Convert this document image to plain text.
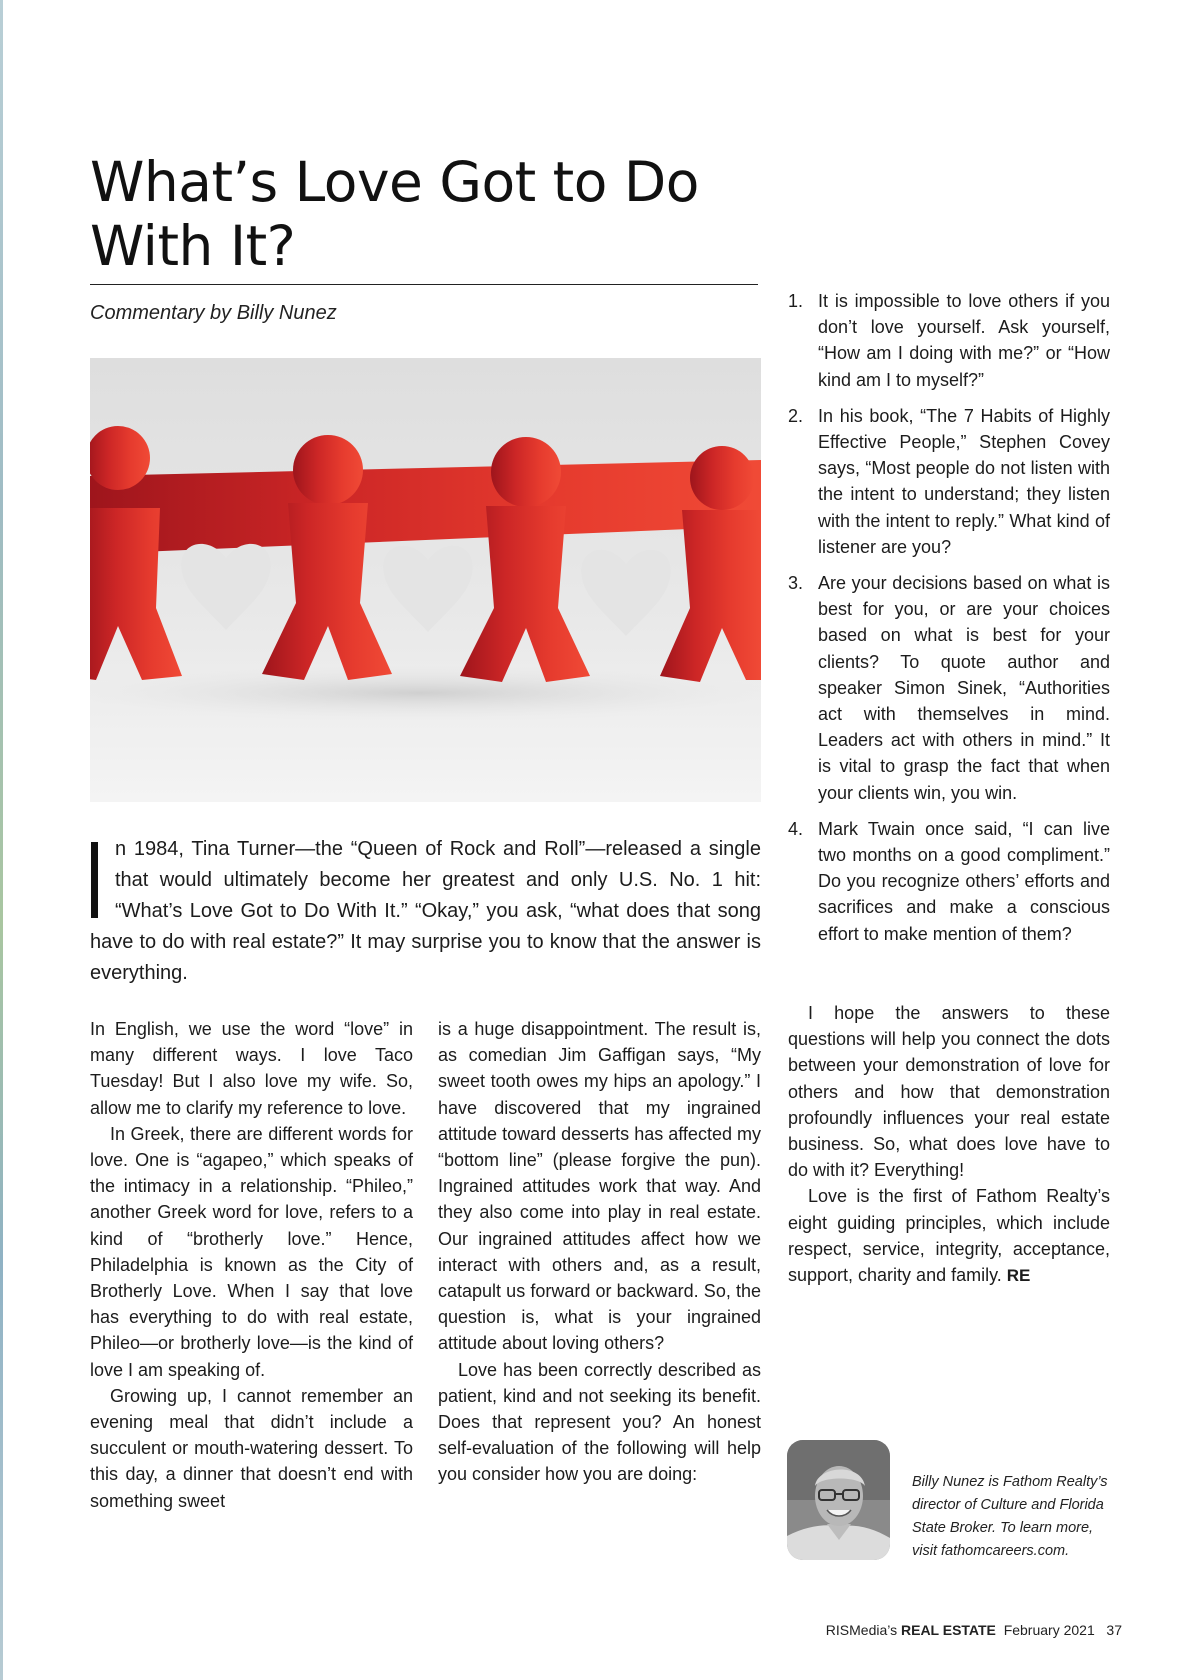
What’s Love Got to Do With It?
Commentary by Billy Nunez

n 1984, Tina Turner—the “Queen of Rock and Roll”—released a single that would ultimately become her greatest and only U.S. No. 1 hit: “What’s Love Got to Do With It.” “Okay,” you ask, “what does that song have to do with real estate?” It may surprise you to know that the answer is everything.

In English, we use the word “love” in many different ways. I love Taco Tuesday! But I also love my wife. So, allow me to clarify my reference to love.

In Greek, there are different words for love. One is “agapeo,” which speaks of the intimacy in a relationship. “Phileo,” another Greek word for love, refers to a kind of “brotherly love.” Hence, Philadelphia is known as the City of Brotherly Love. When I say that love has everything to do with real estate, Phileo—or brotherly love—is the kind of love I am speaking of.

Growing up, I cannot remember an evening meal that didn’t include a succulent or mouth-watering dessert. To this day, a dinner that doesn’t end with something sweet

is a huge disappointment. The result is, as comedian Jim Gaffigan says, “My sweet tooth owes my hips an apology.” I have discovered that my ingrained attitude toward desserts has affected my “bottom line” (please forgive the pun). Ingrained attitudes work that way. And they also come into play in real estate. Our ingrained attitudes affect how we interact with others and, as a result, catapult us forward or backward. So, the question is, what is your ingrained attitude about loving others?

Love has been correctly described as patient, kind and not seeking its benefit. Does that represent you? An honest self-evaluation of the following will help you consider how you are doing:

1. It is impossible to love others if you don’t love yourself. Ask yourself, “How am I doing with me?” or “How kind am I to myself?”
2. In his book, “The 7 Habits of Highly Effective People,” Stephen Covey says, “Most people do not listen with the intent to understand; they listen with the intent to reply.” What kind of listener are you?
3. Are your decisions based on what is best for you, or are your choices based on what is best for your clients? To quote author and speaker Simon Sinek, “Authorities act with themselves in mind. Leaders act with others in mind.” It is vital to grasp the fact that when your clients win, you win.
4. Mark Twain once said, “I can live two months on a good compliment.” Do you recognize others’ efforts and sacrifices and make a conscious effort to make mention of them?

I hope the answers to these questions will help you connect the dots between your demonstration of love for others and how that demonstration profoundly influences your real estate business. So, what does love have to do with it? Everything!

Love is the first of Fathom Realty’s eight guiding principles, which include respect, service, integrity, acceptance, support, charity and family. RE

Billy Nunez is Fathom Realty’s director of Culture and Florida State Broker. To learn more, visit fathomcareers.com.

RISMedia’s REAL ESTATE February 2021 37
